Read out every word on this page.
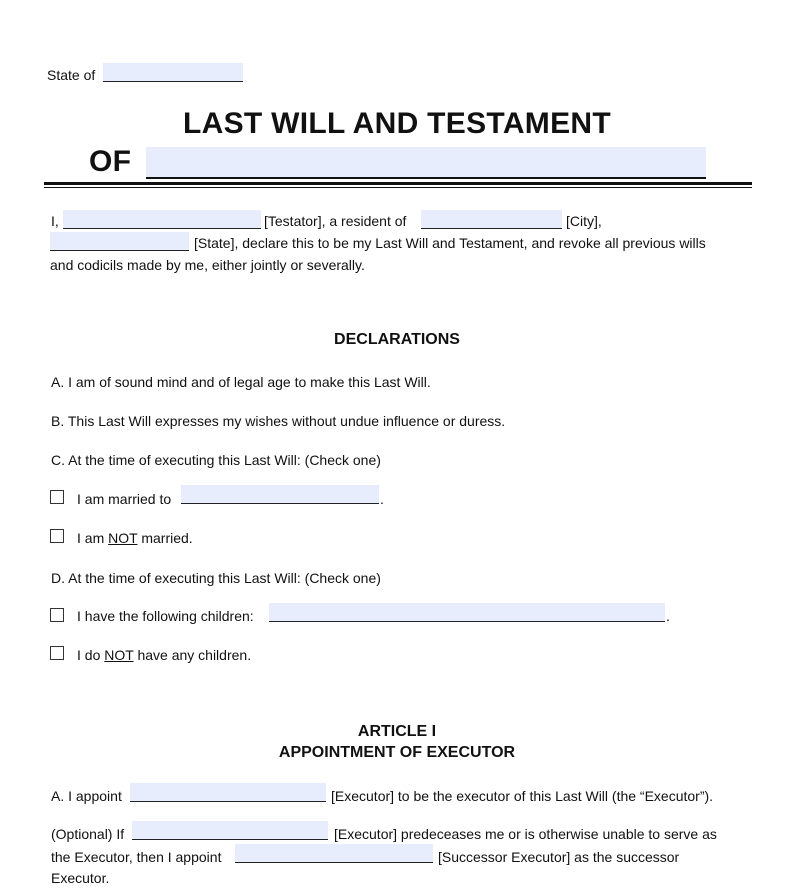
State of
LAST WILL AND TESTAMENT
OF
I,	[Testator], a resident of	[City],
[State], declare this to be my Last Will and Testament, and revoke all previous wills
and codicils made by me, either jointly or severally.
DECLARATIONS
A. I am of sound mind and of legal age to make this Last Will.
B. This Last Will expresses my wishes without undue influence or duress.
C. At the time of executing this Last Will: (Check one)
I am married to	.
I am NOT married.
D. At the time of executing this Last Will: (Check one)
I have the following children:	.
I do NOT have any children.
ARTICLE I
APPOINTMENT OF EXECUTOR
A. I appoint	[Executor] to be the executor of this Last Will (the “Executor”).
(Optional) If	[Executor] predeceases me or is otherwise unable to serve as
the Executor, then I appoint	[Successor Executor] as the successor
Executor.
